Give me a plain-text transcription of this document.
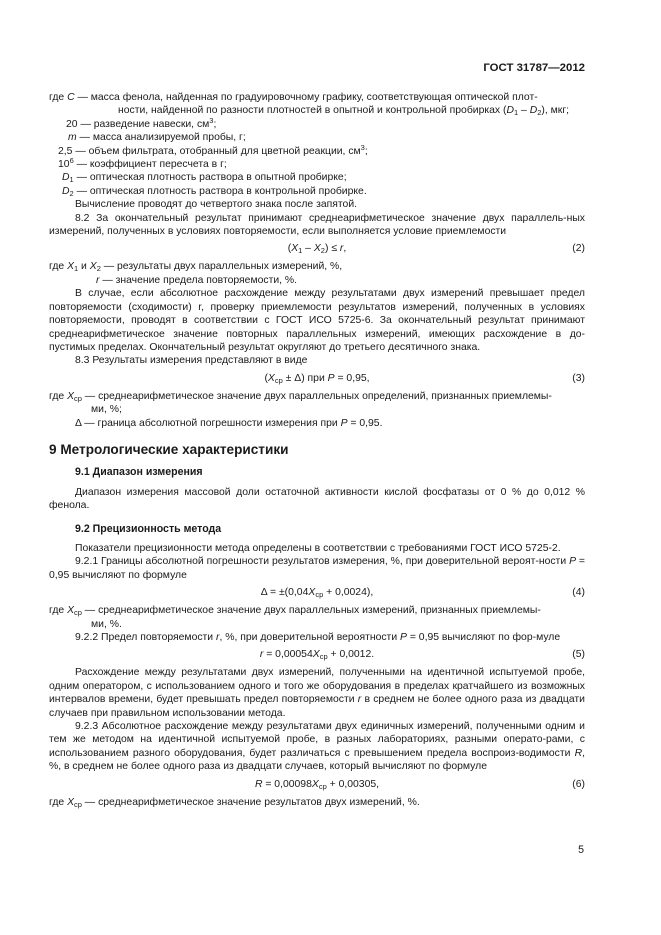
ГОСТ 31787—2012

где C — масса фенола, найденная по градуировочному графику, соответствующая оптической плот-

ности, найденной по разности плотностей в опытной и контрольной пробирках $(D_1 - D_2)$, мкг;

20 — разведение навески, $см^3$;

m — масса анализируемой пробы, г;

2,5 — объем фильтрата, отобранный для цветной реакции, $см^3$;

$10^6$ — коэффициент пересчета в г;

$D_1$ — оптическая плотность раствора в опытной пробирке;

$D_2$ — оптическая плотность раствора в контрольной пробирке.

Вычисление проводят до четвертого знака после запятой.

8.2 За окончательный результат принимают среднеарифметическое значение двух параллель-ных измерений, полученных в условиях повторяемости, если выполняется условие приемлемости

$(X_1 - X_2) \le r$,	(2)

где $X_1$ и $X_2$ — результаты двух параллельных измерений, %,

r — значение предела повторяемости, %.

В случае, если абсолютное расхождение между результатами двух измерений превышает предел повторяемости (сходимости) r, проверку приемлемости результатов измерений, полученных в условиях повторяемости, проводят в соответствии с ГОСТ ИСО 5725-6. За окончательный результат принимают среднеарифметическое значение повторных параллельных измерений, имеющих расхождение в до-пустимых пределах. Окончательный результат округляют до третьего десятичного знака.

8.3 Результаты измерения представляют в виде

$(X_{ср} \pm \Delta)$ при P = 0,95,	(3)

где $X_{ср}$ — среднеарифметическое значение двух параллельных определений, признанных приемлемы-

ми, %;

Δ — граница абсолютной погрешности измерения при P = 0,95.

9 Метрологические характеристики
9.1 Диапазон измерения

Диапазон измерения массовой доли остаточной активности кислой фосфатазы от 0 % до 0,012 % фенола.

9.2 Прецизионность метода

Показатели прецизионности метода определены в соответствии с требованиями ГОСТ ИСО 5725-2.

9.2.1 Границы абсолютной погрешности результатов измерения, %, при доверительной вероят-ности P = 0,95 вычисляют по формуле

$\Delta = \pm(0,04X_{ср} + 0,0024)$,	(4)

где $X_{ср}$ — среднеарифметическое значение двух параллельных измерений, признанных приемлемы-

ми, %.

9.2.2 Предел повторяемости r, %, при доверительной вероятности P = 0,95 вычисляют по фор-муле

$r = 0,00054X_{ср} + 0,0012$.	(5)

Расхождение между результатами двух измерений, полученными на идентичной испытуемой пробе, одним оператором, с использованием одного и того же оборудования в пределах кратчайшего из возможных интервалов времени, будет превышать предел повторяемости r в среднем не более одного раза из двадцати случаев при правильном использовании метода.

9.2.3 Абсолютное расхождение между результатами двух единичных измерений, полученными одним и тем же методом на идентичной испытуемой пробе, в разных лабораториях, разными операто-рами, с использованием разного оборудования, будет различаться с превышением предела воспроиз-водимости R, %, в среднем не более одного раза из двадцати случаев, который вычисляют по формуле

$R = 0,00098X_{ср} + 0,00305$,	(6)

где $X_{ср}$ — среднеарифметическое значение результатов двух измерений, %.

5
